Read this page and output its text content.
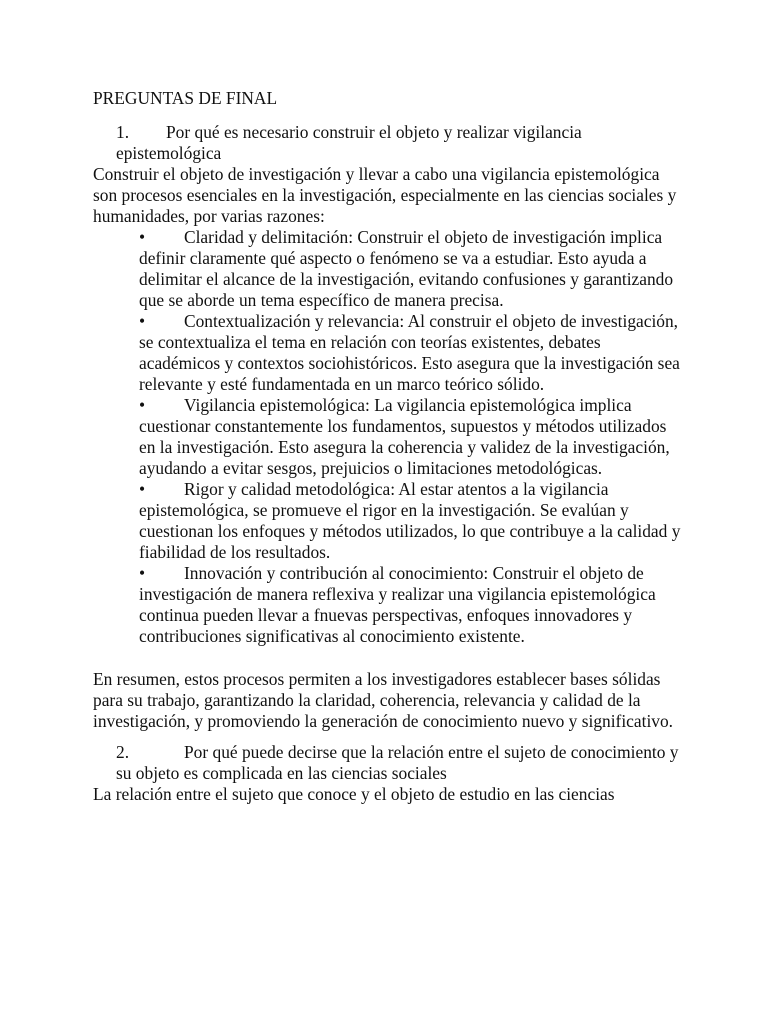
PREGUNTAS DE FINAL

1. Por qué es necesario construir el objeto y realizar vigilancia epistemológica

Construir el objeto de investigación y llevar a cabo una vigilancia epistemológica son procesos esenciales en la investigación, especialmente en las ciencias sociales y humanidades, por varias razones:

• Claridad y delimitación: Construir el objeto de investigación implica definir claramente qué aspecto o fenómeno se va a estudiar. Esto ayuda a delimitar el alcance de la investigación, evitando confusiones y garantizando que se aborde un tema específico de manera precisa.
• Contextualización y relevancia: Al construir el objeto de investigación, se contextualiza el tema en relación con teorías existentes, debates académicos y contextos sociohistóricos. Esto asegura que la investigación sea relevante y esté fundamentada en un marco teórico sólido.
• Vigilancia epistemológica: La vigilancia epistemológica implica cuestionar constantemente los fundamentos, supuestos y métodos utilizados en la investigación. Esto asegura la coherencia y validez de la investigación, ayudando a evitar sesgos, prejuicios o limitaciones metodológicas.
• Rigor y calidad metodológica: Al estar atentos a la vigilancia epistemológica, se promueve el rigor en la investigación. Se evalúan y cuestionan los enfoques y métodos utilizados, lo que contribuye a la calidad y fiabilidad de los resultados.
• Innovación y contribución al conocimiento: Construir el objeto de investigación de manera reflexiva y realizar una vigilancia epistemológica continua pueden llevar a fnuevas perspectivas, enfoques innovadores y contribuciones significativas al conocimiento existente.

En resumen, estos procesos permiten a los investigadores establecer bases sólidas para su trabajo, garantizando la claridad, coherencia, relevancia y calidad de la investigación, y promoviendo la generación de conocimiento nuevo y significativo.

2.	Por qué puede decirse que la relación entre el sujeto de conocimiento y su objeto es complicada en las ciencias sociales

La relación entre el sujeto que conoce y el objeto de estudio en las ciencias
